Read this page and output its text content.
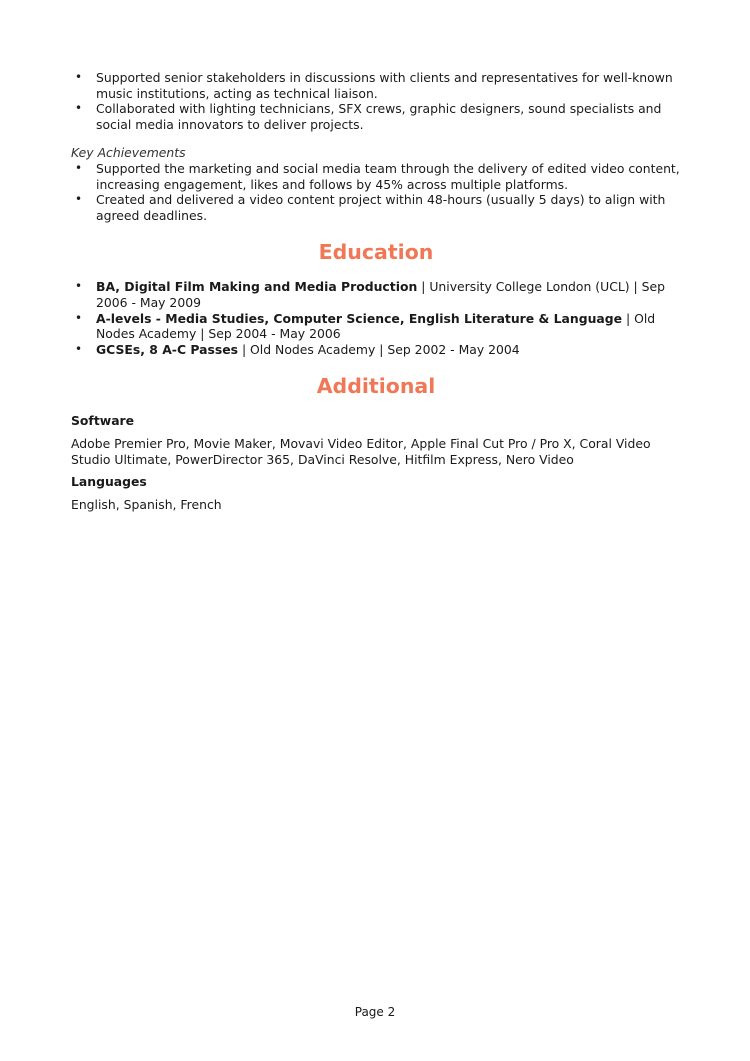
• Supported senior stakeholders in discussions with clients and representatives for well-known music institutions, acting as technical liaison.
• Collaborated with lighting technicians, SFX crews, graphic designers, sound specialists and social media innovators to deliver projects.
Key Achievements
• Supported the marketing and social media team through the delivery of edited video content, increasing engagement, likes and follows by 45% across multiple platforms.
• Created and delivered a video content project within 48-hours (usually 5 days) to align with agreed deadlines.
Education
• BA, Digital Film Making and Media Production | University College London (UCL) | Sep 2006 - May 2009
• A-levels - Media Studies, Computer Science, English Literature & Language | Old Nodes Academy | Sep 2004 - May 2006
• GCSEs, 8 A-C Passes | Old Nodes Academy | Sep 2002 - May 2004
Additional
Software
Adobe Premier Pro, Movie Maker, Movavi Video Editor, Apple Final Cut Pro / Pro X, Coral Video Studio Ultimate, PowerDirector 365, DaVinci Resolve, Hitfilm Express, Nero Video
Languages
English, Spanish, French
Page 2
